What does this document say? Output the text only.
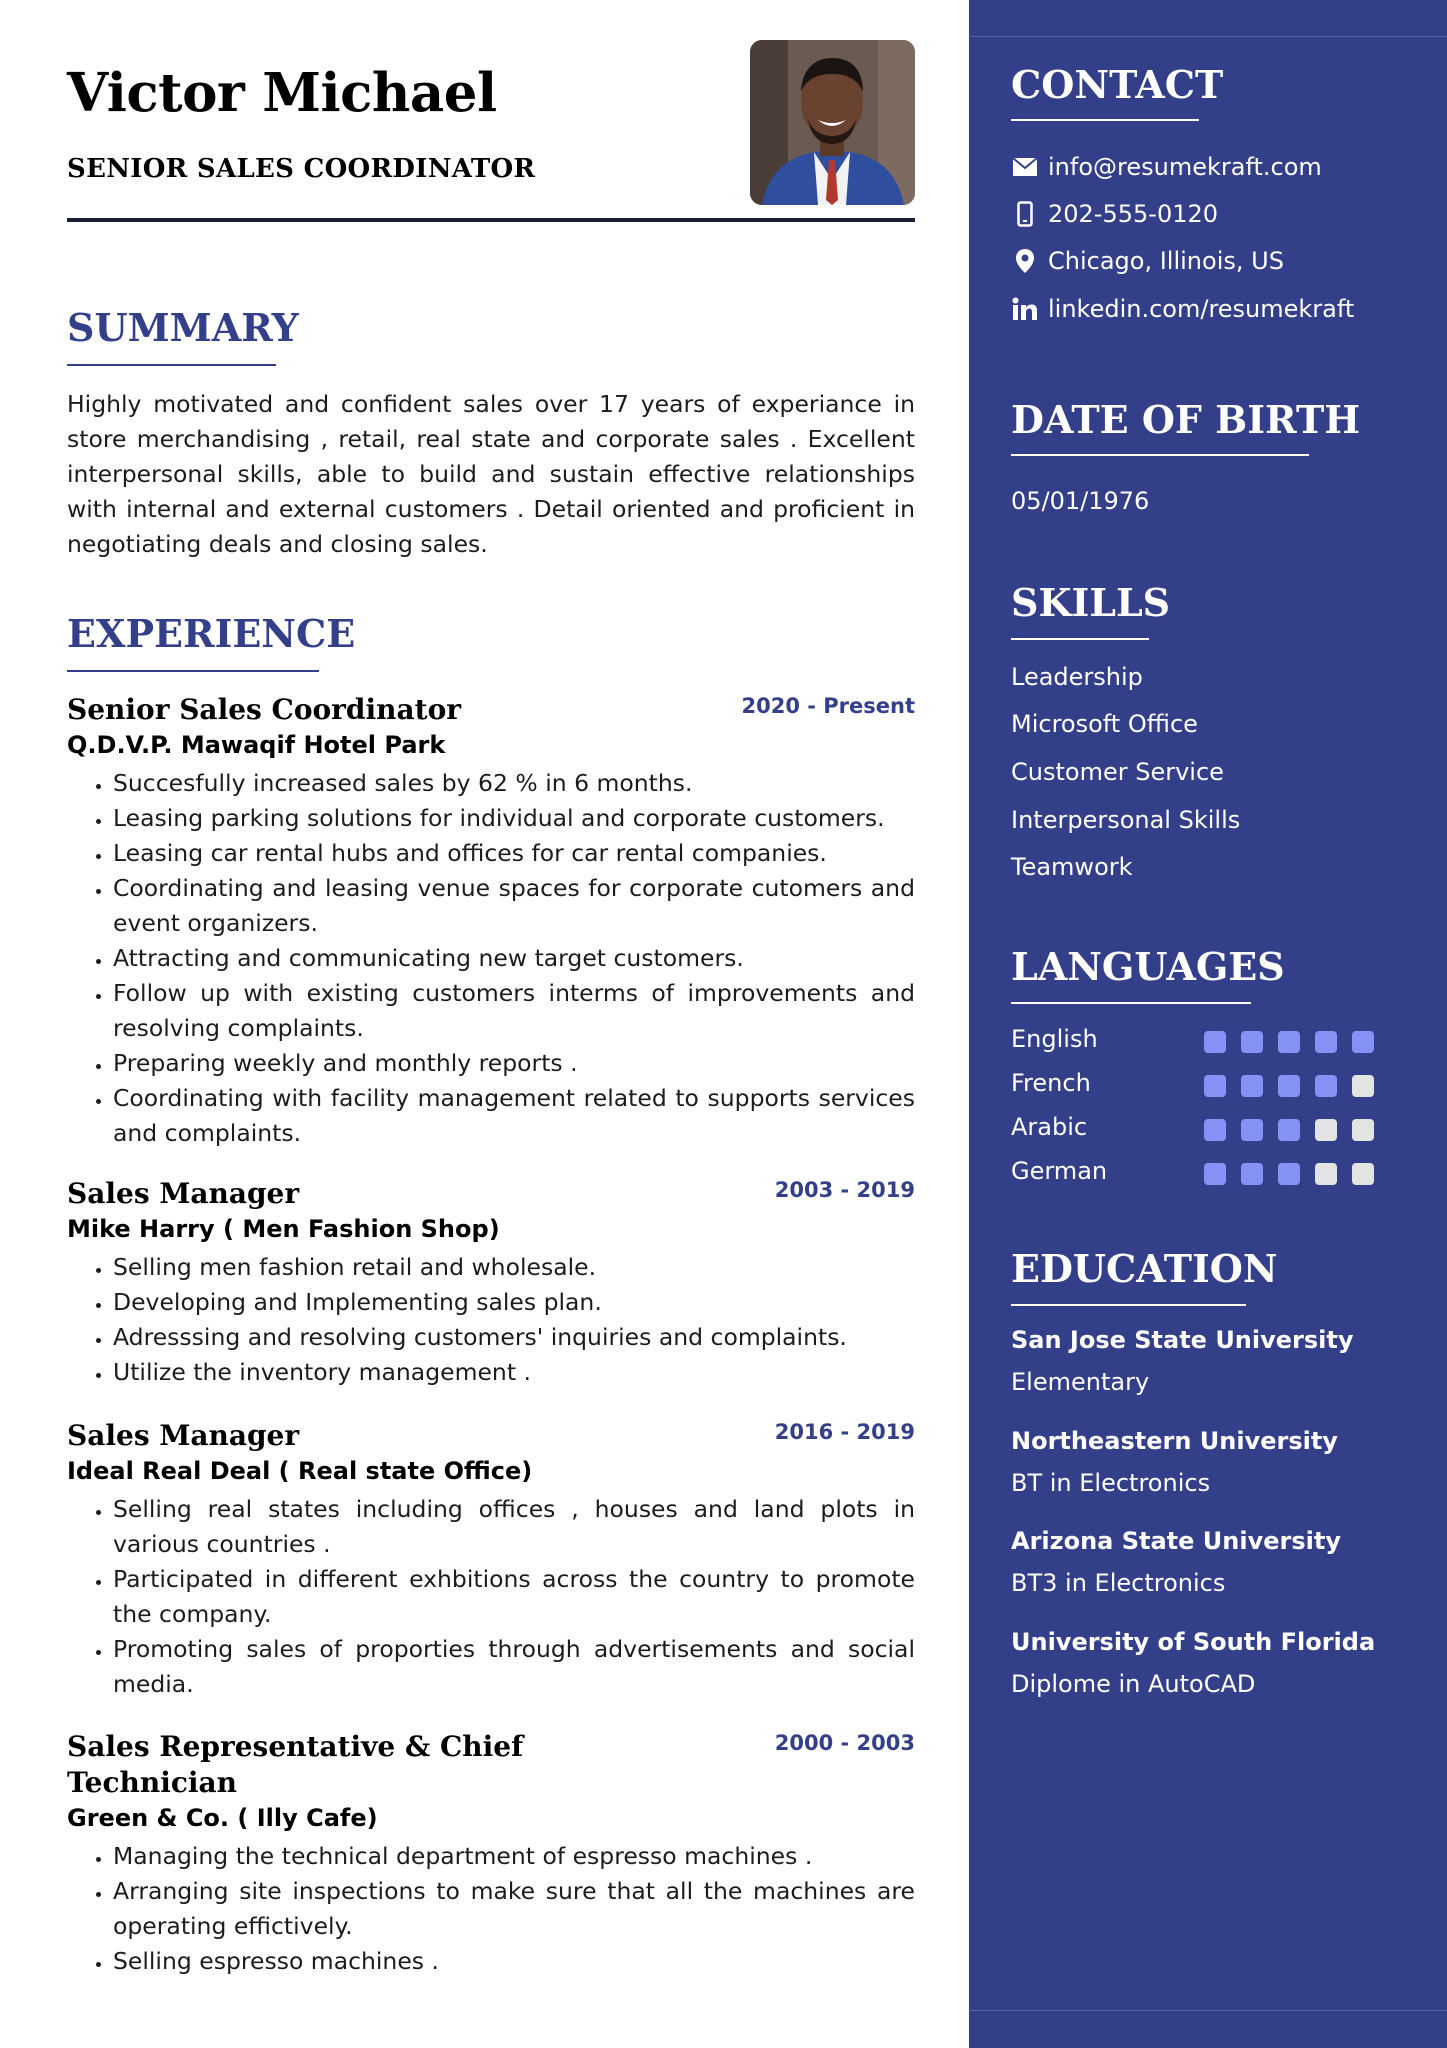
Victor Michael
SENIOR SALES COORDINATOR
SUMMARY

Highly motivated and confident sales over 17 years of experiance in store merchandising , retail, real state and corporate sales . Excellent interpersonal skills, able to build and sustain effective relationships with internal and external customers . Detail oriented and proficient in negotiating deals and closing sales.

EXPERIENCE
Senior Sales Coordinator	2020 - Present
Q.D.V.P. Mawaqif Hotel Park
• Succesfully increased sales by 62 % in 6 months.
• Leasing parking solutions for individual and corporate customers.
• Leasing car rental hubs and offices for car rental companies.
• Coordinating and leasing venue spaces for corporate cutomers and event organizers.
• Attracting and communicating new target customers.
• Follow up with existing customers interms of improvements and resolving complaints.
• Preparing weekly and monthly reports .
• Coordinating with facility management related to supports services and complaints.
Sales Manager	2003 - 2019
Mike Harry ( Men Fashion Shop)
• Selling men fashion retail and wholesale.
• Developing and Implementing sales plan.
• Adresssing and resolving customers' inquiries and complaints.
• Utilize the inventory management .
Sales Manager	2016 - 2019
Ideal Real Deal ( Real state Office)
• Selling real states including offices , houses and land plots in various countries .
• Participated in different exhbitions across the country to promote the company.
• Promoting sales of proporties through advertisements and social media.
Sales Representative & Chief Technician
2000 - 2003
Green & Co. ( Illy Cafe)
• Managing the technical department of espresso machines .
• Arranging site inspections to make sure that all the machines are operating effictively.
• Selling espresso machines .
CONTACT
info@resumekraft.com
202-555-0120
Chicago, Illinois, US
linkedin.com/resumekraft
DATE OF BIRTH
05/01/1976
SKILLS
Leadership
Microsoft Office
Customer Service
Interpersonal Skills
Teamwork
LANGUAGES
English
French
Arabic
German
EDUCATION
San Jose State University
Elementary
Northeastern University
BT in Electronics
Arizona State University
BT3 in Electronics
University of South Florida
Diplome in AutoCAD
